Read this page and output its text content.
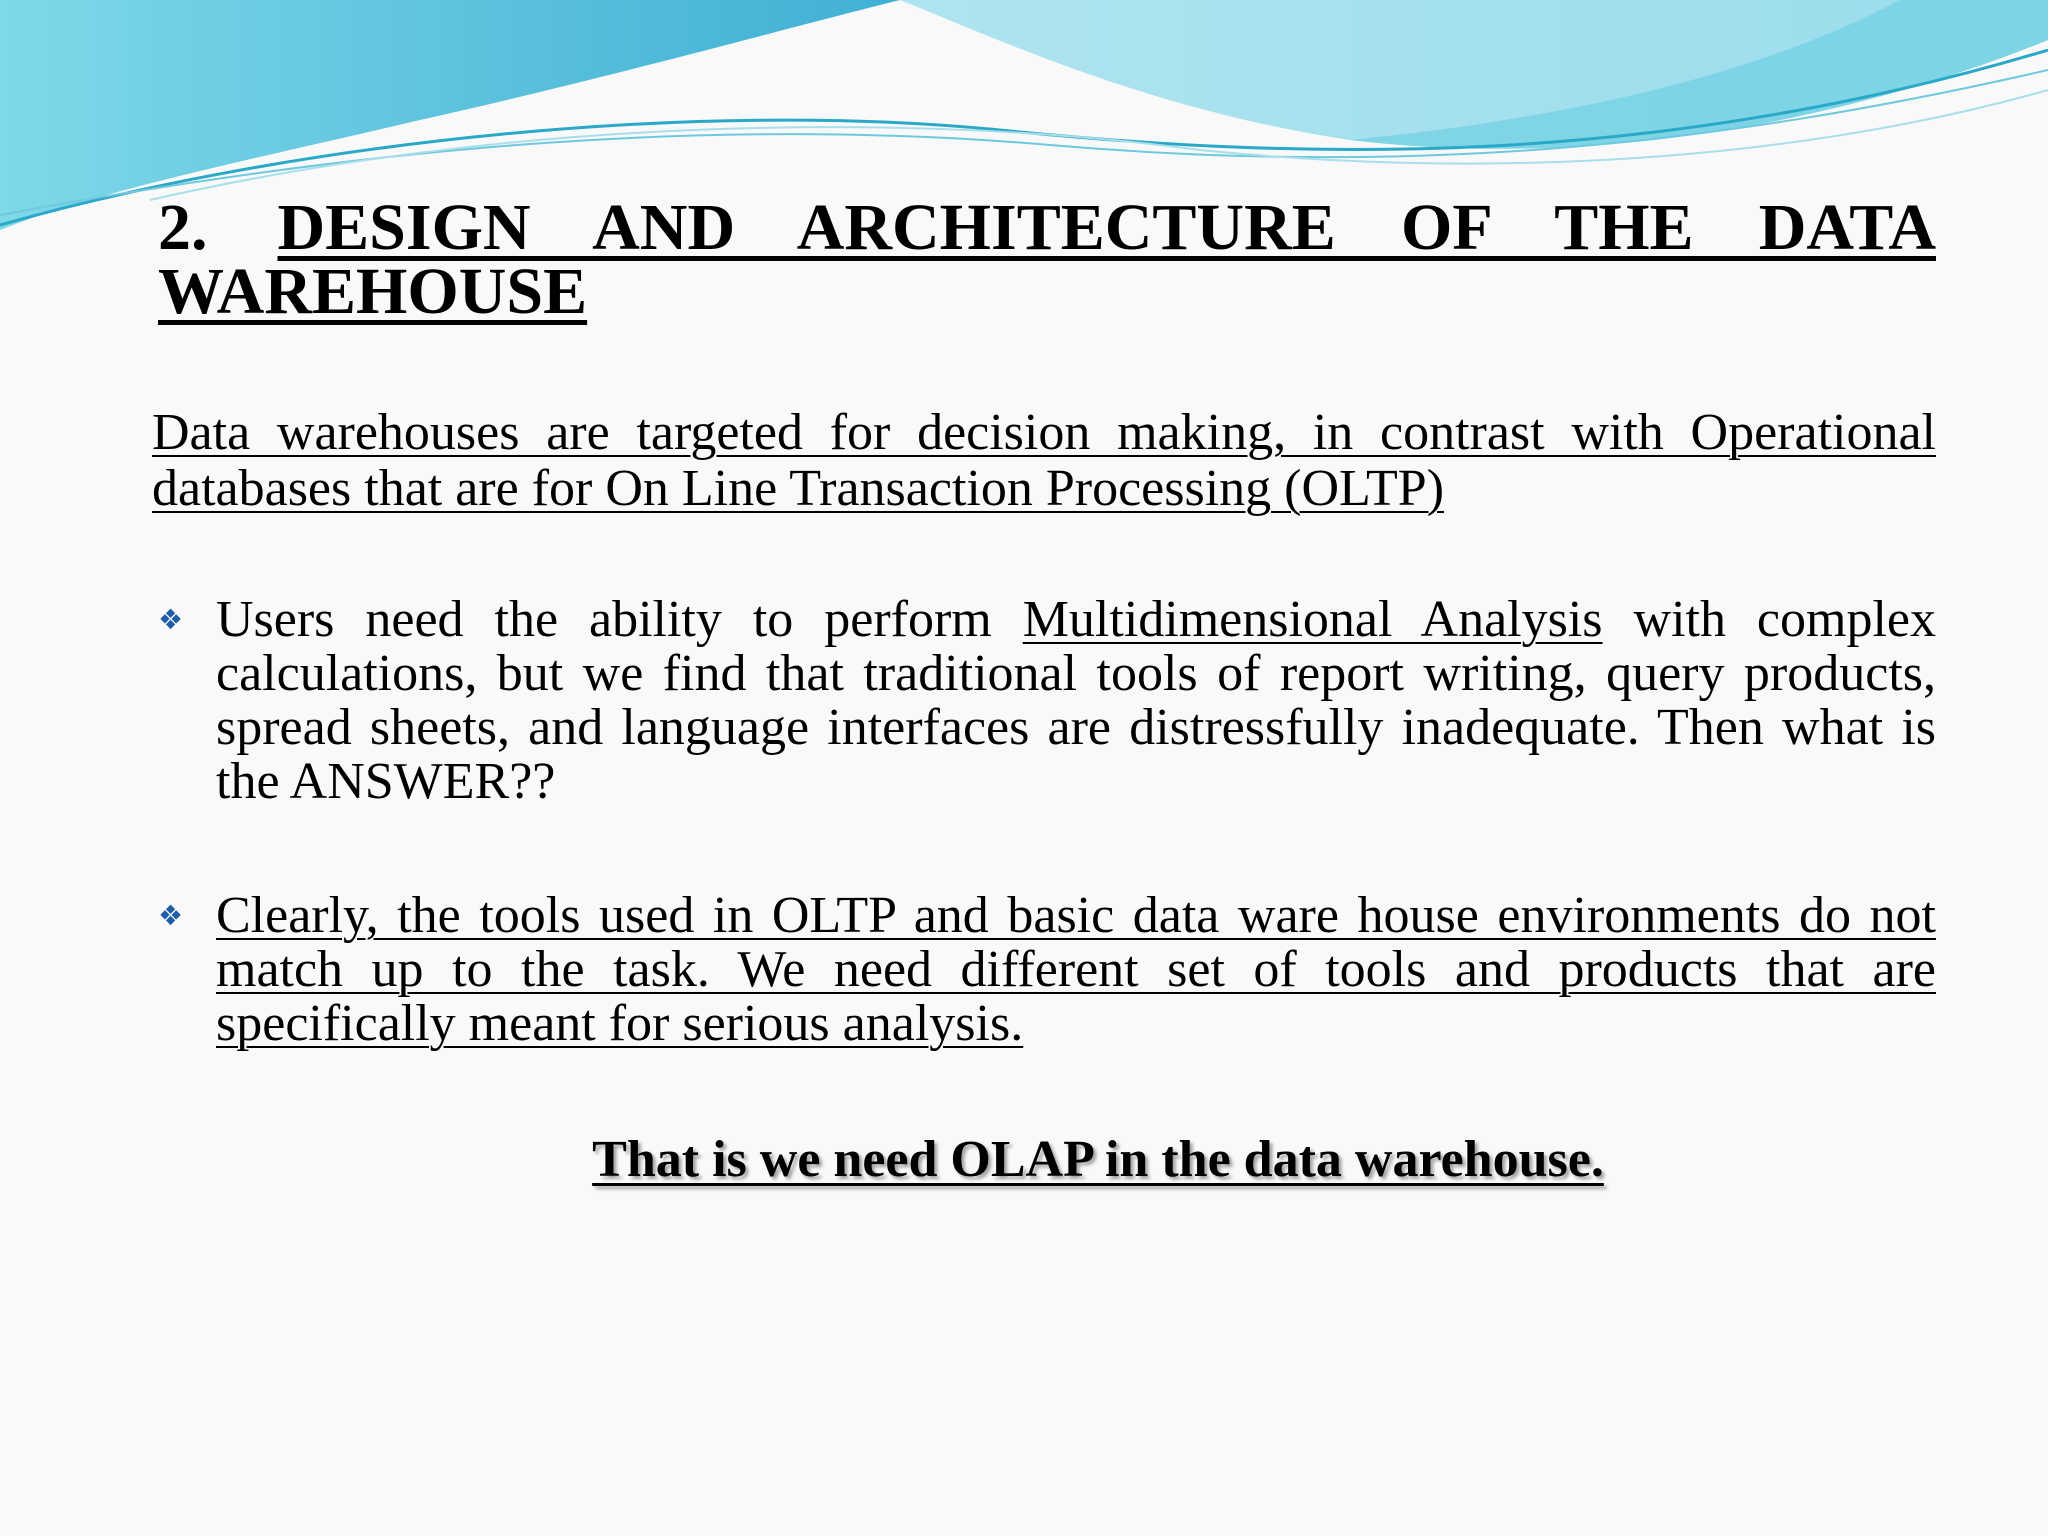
2. DESIGN AND ARCHITECTURE OF THE DATA
WAREHOUSE
Data warehouses are targeted for decision making, in contrast with Operational databases that are for On Line Transaction Processing (OLTP)
❖ Users need the ability to perform Multidimensional Analysis with complex calculations, but we find that traditional tools of report writing, query products, spread sheets, and language interfaces are distressfully inadequate. Then what is the ANSWER??
❖ Clearly, the tools used in OLTP and basic data ware house environments do not match up to the task. We need different set of tools and products that are specifically meant for serious analysis.
That is we need OLAP in the data warehouse.
